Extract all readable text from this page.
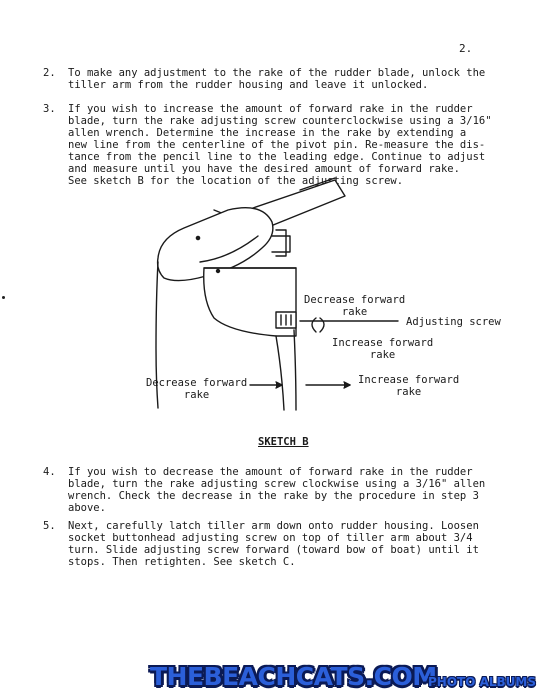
2.
2. To make any adjustment to the rake of the rudder blade, unlock the
tiller arm from the rudder housing and leave it unlocked.
3. If you wish to increase the amount of forward rake in the rudder
blade, turn the rake adjusting screw counterclockwise using a 3/16"
allen wrench. Determine the increase in the rake by extending a
new line from the centerline of the pivot pin. Re-measure the dis-
tance from the pencil line to the leading edge. Continue to adjust
and measure until you have the desired amount of forward rake.
See sketch B for the location of the adjusting screw.
Decrease forward
rake
Adjusting screw
Increase forward
rake
Decrease forward
rake
Increase forward
rake
SKETCH B
4. If you wish to decrease the amount of forward rake in the rudder
blade, turn the rake adjusting screw clockwise using a 3/16" allen
wrench. Check the decrease in the rake by the procedure in step 3
above.
5. Next, carefully latch tiller arm down onto rudder housing. Loosen
socket buttonhead adjusting screw on top of tiller arm about 3/4
turn. Slide adjusting screw forward (toward bow of boat) until it
stops. Then retighten. See sketch C.
THEBEACHCATS.COM
PHOTO ALBUMS
